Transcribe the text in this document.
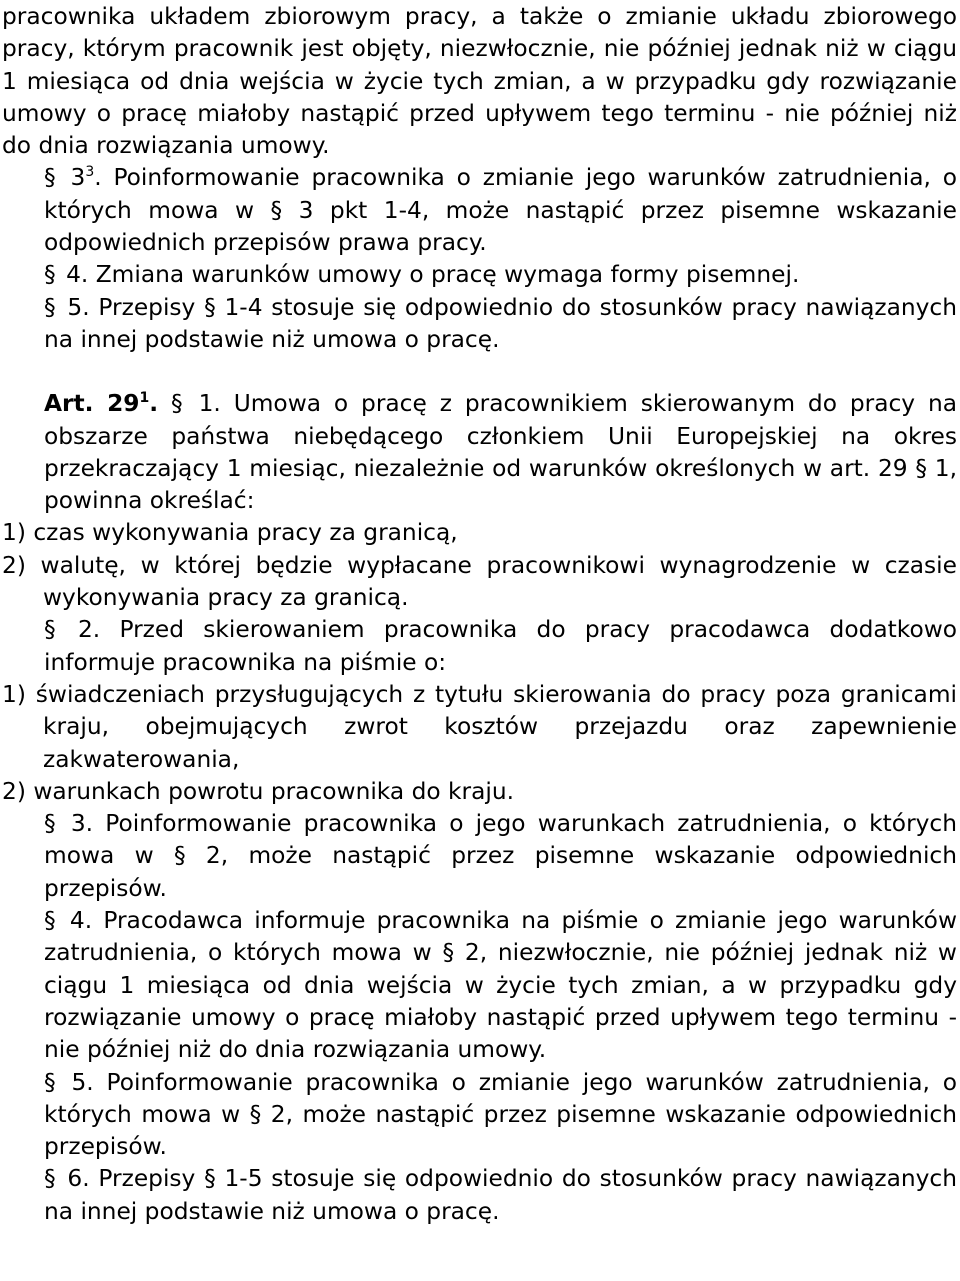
pracownika układem zbiorowym pracy, a także o zmianie układu zbiorowego pracy, którym pracownik jest objęty, niezwłocznie, nie później jednak niż w ciągu 1 miesiąca od dnia wejścia w życie tych zmian, a w przypadku gdy rozwiązanie umowy o pracę miałoby nastąpić przed upływem tego terminu - nie później niż do dnia rozwiązania umowy.

§ $3^3$. Poinformowanie pracownika o zmianie jego warunków zatrudnienia, o których mowa w § 3 pkt 1-4, może nastąpić przez pisemne wskazanie odpowiednich przepisów prawa pracy.

§ 4. Zmiana warunków umowy o pracę wymaga formy pisemnej.

§ 5. Przepisy § 1-4 stosuje się odpowiednio do stosunków pracy nawiązanych na innej podstawie niż umowa o pracę.

Art. $29^1$. § 1. Umowa o pracę z pracownikiem skierowanym do pracy na obszarze państwa niebędącego członkiem Unii Europejskiej na okres przekraczający 1 miesiąc, niezależnie od warunków określonych w art. 29 § 1, powinna określać:

1) czas wykonywania pracy za granicą,

2) walutę, w której będzie wypłacane pracownikowi wynagrodzenie w czasie wykonywania pracy za granicą.

§ 2. Przed skierowaniem pracownika do pracy pracodawca dodatkowo informuje pracownika na piśmie o:

1) świadczeniach przysługujących z tytułu skierowania do pracy poza granicami kraju, obejmujących zwrot kosztów przejazdu oraz zapewnienie zakwaterowania,

2) warunkach powrotu pracownika do kraju.

§ 3. Poinformowanie pracownika o jego warunkach zatrudnienia, o których mowa w § 2, może nastąpić przez pisemne wskazanie odpowiednich przepisów.

§ 4. Pracodawca informuje pracownika na piśmie o zmianie jego warunków zatrudnienia, o których mowa w § 2, niezwłocznie, nie później jednak niż w ciągu 1 miesiąca od dnia wejścia w życie tych zmian, a w przypadku gdy rozwiązanie umowy o pracę miałoby nastąpić przed upływem tego terminu - nie później niż do dnia rozwiązania umowy.

§ 5. Poinformowanie pracownika o zmianie jego warunków zatrudnienia, o których mowa w § 2, może nastąpić przez pisemne wskazanie odpowiednich przepisów.

§ 6. Przepisy § 1-5 stosuje się odpowiednio do stosunków pracy nawiązanych na innej podstawie niż umowa o pracę.
